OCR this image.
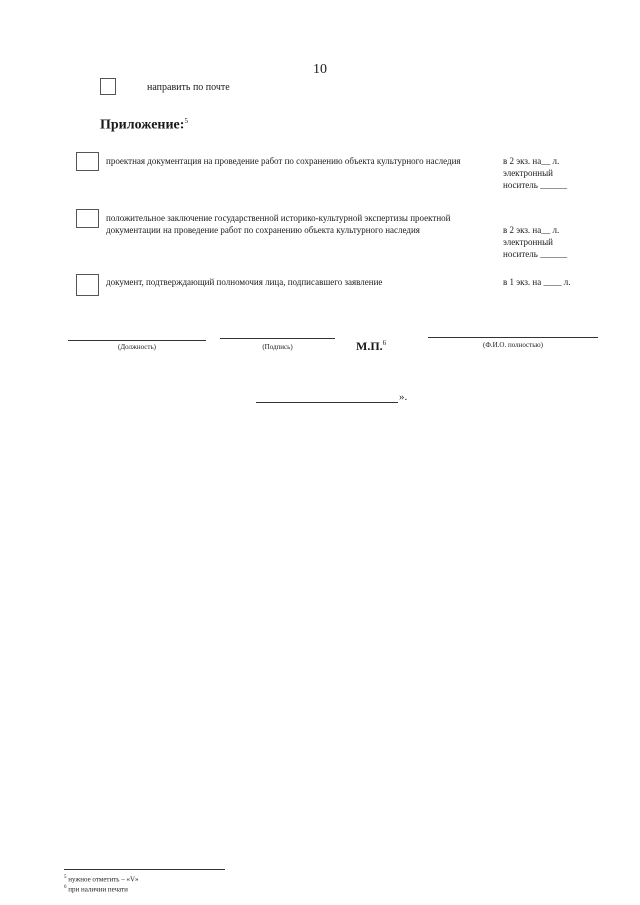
10
направить по почте
Приложение:$^5$
проектная документация на проведение работ по сохранению объекта культурного наследия	в 2 экз. на__ л.
электронный
носитель ______
положительное заключение государственной историко-культурной экспертизы проектной документации на проведение работ по сохранению объекта культурного наследия	в 2 экз. на__ л.
электронный
носитель ______
документ, подтверждающий полномочия лица, подписавшего заявление	в 1 экз. на ____ л.
(Должность)	(Подпись)	М.П.$^6$	(Ф.И.О. полностью)
».
$^5$ нужное отметить – «V»
$^6$ при наличии печати
